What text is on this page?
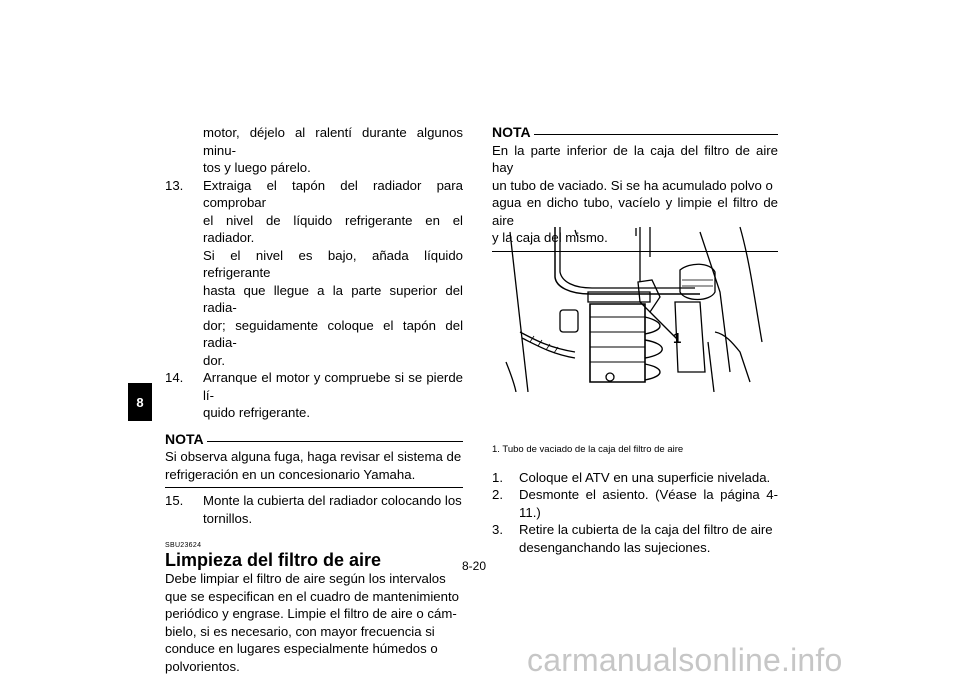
8
motor, déjelo al ralentí durante algunos minu-
tos y luego párelo.
13. Extraiga el tapón del radiador para comprobar
el nivel de líquido refrigerante en el radiador.
Si el nivel es bajo, añada líquido refrigerante
hasta que llegue a la parte superior del radia-
dor; seguidamente coloque el tapón del radia-
dor.
14. Arranque el motor y compruebe si se pierde lí-
quido refrigerante.
NOTA
Si observa alguna fuga, haga revisar el sistema de
refrigeración en un concesionario Yamaha.
15. Monte la cubierta del radiador colocando los
tornillos.
SBU23624
Limpieza del filtro de aire
Debe limpiar el filtro de aire según los intervalos
que se especifican en el cuadro de mantenimiento
periódico y engrase. Limpie el filtro de aire o cám-
bielo, si es necesario, con mayor frecuencia si
conduce en lugares especialmente húmedos o
polvorientos.
NOTA
En la parte inferior de la caja del filtro de aire hay
un tubo de vaciado. Si se ha acumulado polvo o
agua en dicho tubo, vacíelo y limpie el filtro de aire
y la caja del mismo.
1. Tubo de vaciado de la caja del filtro de aire
1. Coloque el ATV en una superficie nivelada.
2. Desmonte el asiento. (Véase la página 4-11.)
3. Retire la cubierta de la caja del filtro de aire
desenganchando las sujeciones.
1
8-20
carmanualsonline.info
